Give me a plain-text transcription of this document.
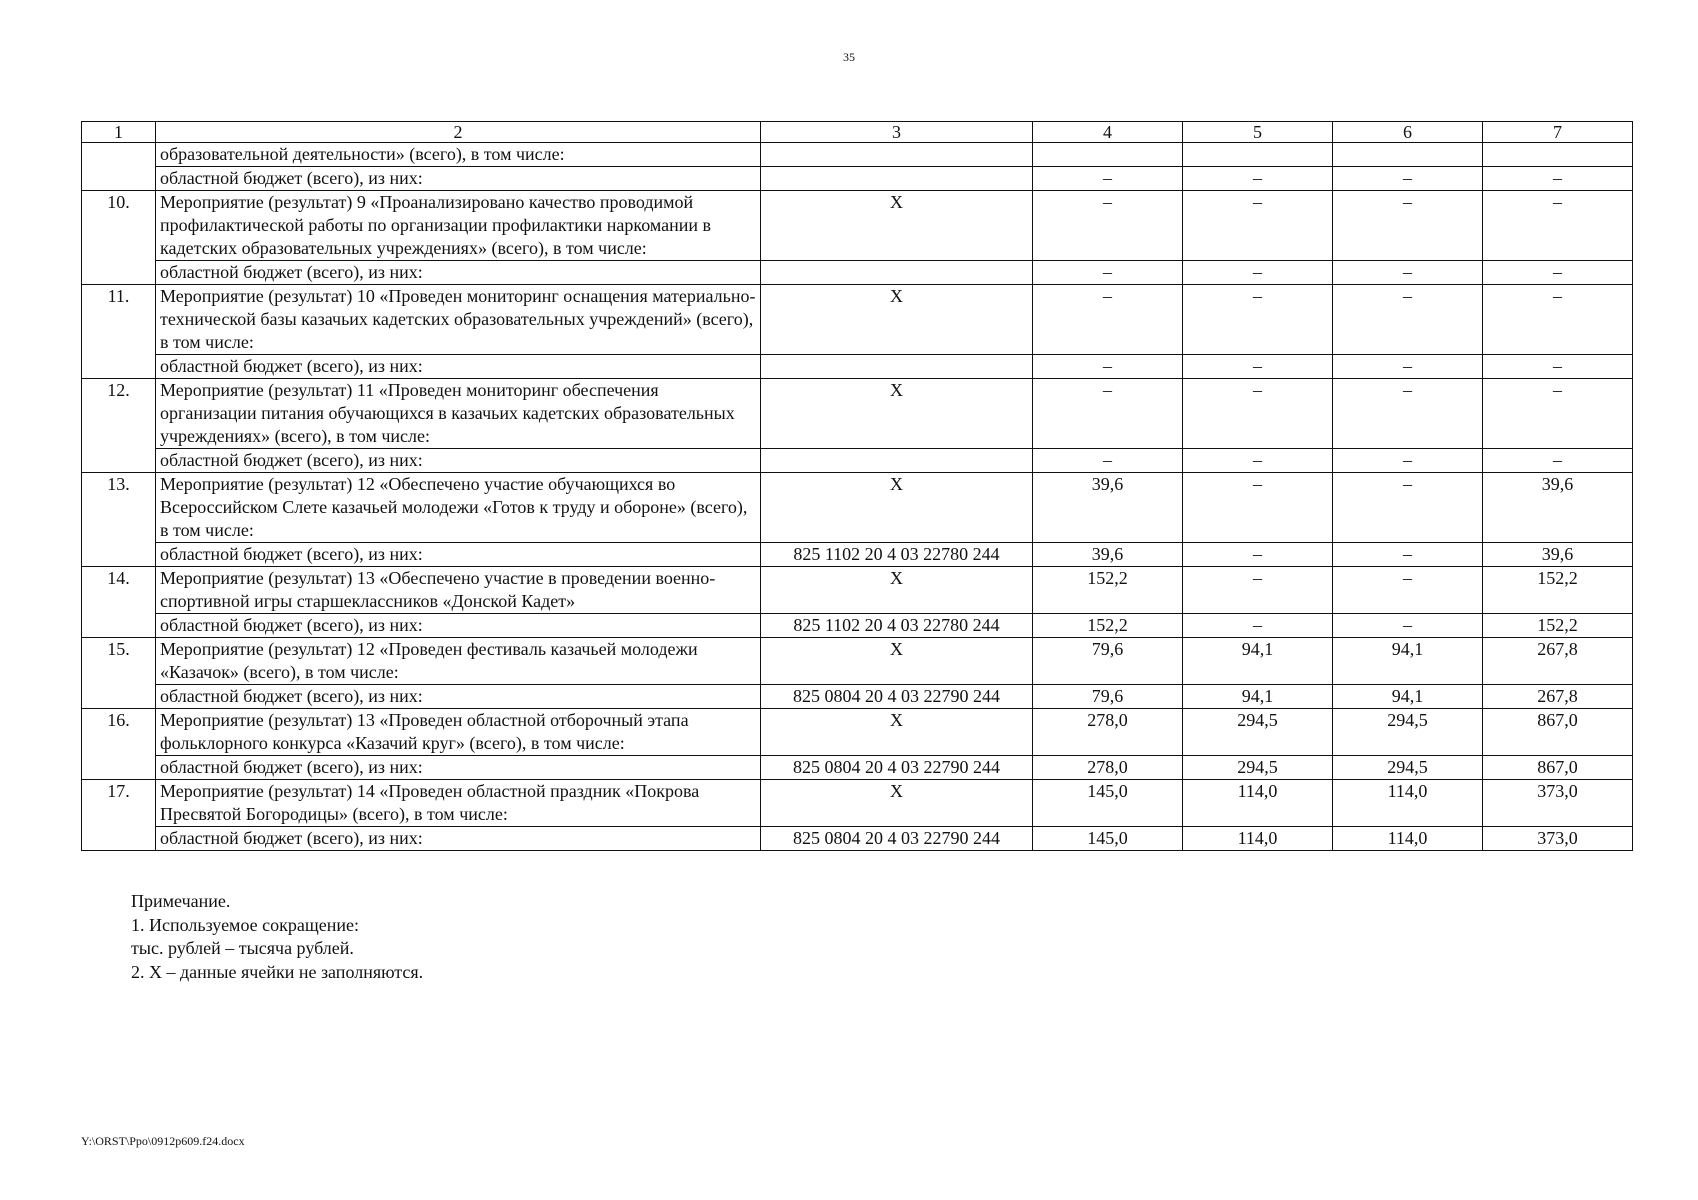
35
1	2	3	4	5	6	7
	образовательной деятельности» (всего), в том числе:					
	областной бюджет (всего), из них:		–	–	–	–
10.	Мероприятие (результат) 9 «Проанализировано качество проводимой профилактической работы по организации профилактики наркомании в кадетских образовательных учреждениях» (всего), в том числе:	X	–	–	–	–
	областной бюджет (всего), из них:		–	–	–	–
11.	Мероприятие (результат) 10 «Проведен мониторинг оснащения материально-технической базы казачьих кадетских образовательных учреждений» (всего), в том числе:	X	–	–	–	–
	областной бюджет (всего), из них:		–	–	–	–
12.	Мероприятие (результат) 11 «Проведен мониторинг обеспечения организации питания обучающихся в казачьих кадетских образовательных учреждениях» (всего), в том числе:	X	–	–	–	–
	областной бюджет (всего), из них:		–	–	–	–
13.	Мероприятие (результат) 12 «Обеспечено участие обучающихся во Всероссийском Слете казачьей молодежи «Готов к труду и обороне» (всего), в том числе:	X	39,6	–	–	39,6
	областной бюджет (всего), из них:	825 1102 20 4 03 22780 244	39,6	–	–	39,6
14.	Мероприятие (результат) 13 «Обеспечено участие в проведении военно-спортивной игры старшеклассников «Донской Кадет»	X	152,2	–	–	152,2
	областной бюджет (всего), из них:	825 1102 20 4 03 22780 244	152,2	–	–	152,2
15.	Мероприятие (результат) 12 «Проведен фестиваль казачьей молодежи «Казачок» (всего), в том числе:	X	79,6	94,1	94,1	267,8
	областной бюджет (всего), из них:	825 0804 20 4 03 22790 244	79,6	94,1	94,1	267,8
16.	Мероприятие (результат) 13 «Проведен областной отборочный этапа фольклорного конкурса «Казачий круг» (всего), в том числе:	X	278,0	294,5	294,5	867,0
	областной бюджет (всего), из них:	825 0804 20 4 03 22790 244	278,0	294,5	294,5	867,0
17.	Мероприятие (результат) 14 «Проведен областной праздник «Покрова Пресвятой Богородицы» (всего), в том числе:	X	145,0	114,0	114,0	373,0
	областной бюджет (всего), из них:	825 0804 20 4 03 22790 244	145,0	114,0	114,0	373,0
Примечание.
1. Используемое сокращение:
тыс. рублей – тысяча рублей.
2. X – данные ячейки не заполняются.
Y:\ORST\Ppo\0912p609.f24.docx
